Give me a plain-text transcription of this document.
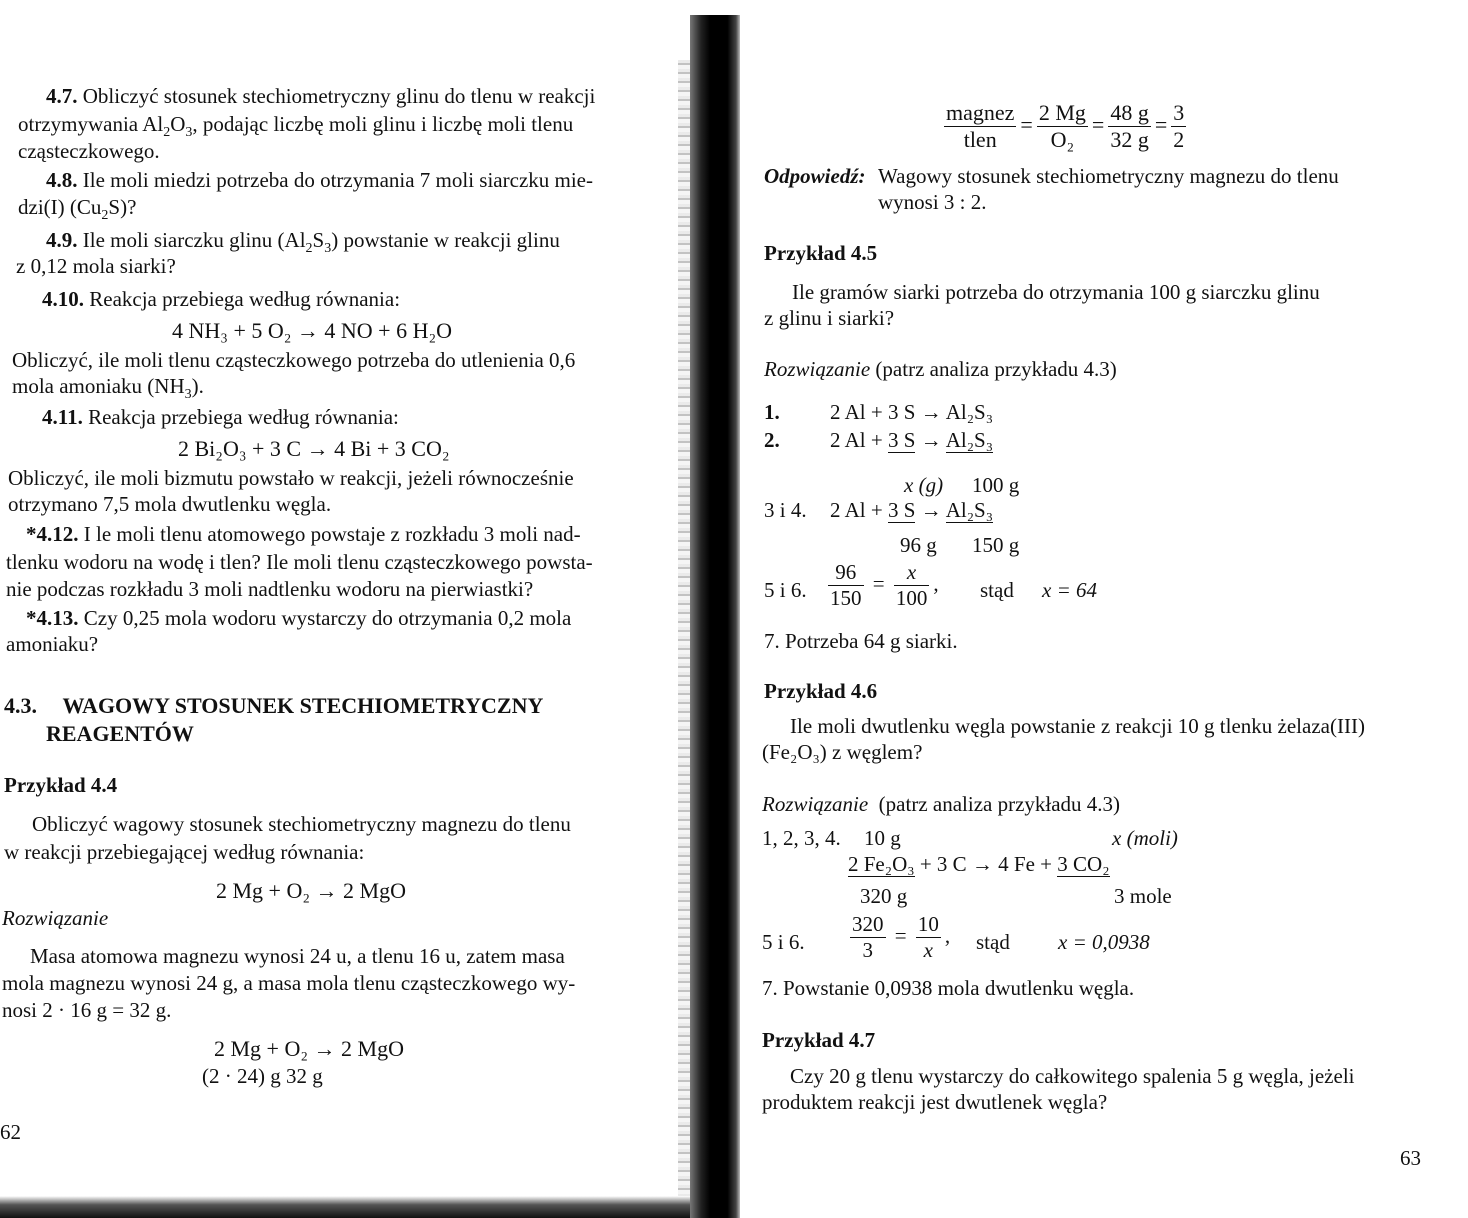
4.7. Obliczyć stosunek stechiometryczny glinu do tlenu w reakcji

otrzymywania $Al_2O_3$, podając liczbę moli glinu i liczbę moli tlenu

cząsteczkowego.

4.8. Ile moli miedzi potrzeba do otrzymania 7 moli siarczku mie-

dzi(I) $(Cu_2S)$?

4.9. Ile moli siarczku glinu $(Al_2S_3)$ powstanie w reakcji glinu

z 0,12 mola siarki?

4.10. Reakcja przebiega według równania:

4 NH₃ + 5 O₂ → 4 NO + 6 H₂O

Obliczyć, ile moli tlenu cząsteczkowego potrzeba do utlenienia 0,6

mola amoniaku $(NH_3)$.

4.11. Reakcja przebiega według równania:

2 Bi₂O₃ + 3 C → 4 Bi + 3 CO₂

Obliczyć, ile moli bizmutu powstało w reakcji, jeżeli równocześnie

otrzymano 7,5 mola dwutlenku węgla.

*4.12. I le moli tlenu atomowego powstaje z rozkładu 3 moli nad-

tlenku wodoru na wodę i tlen? Ile moli tlenu cząsteczkowego powsta-

nie podczas rozkładu 3 moli nadtlenku wodoru na pierwiastki?

*4.13. Czy 0,25 mola wodoru wystarczy do otrzymania 0,2 mola

amoniaku?

4.3. WAGOWY STOSUNEK STECHIOMETRYCZNY

REAGENTÓW

Przykład 4.4

Obliczyć wagowy stosunek stechiometryczny magnezu do tlenu

w reakcji przebiegającej według równania:

2 Mg + O₂ → 2 MgO

Rozwiązanie

Masa atomowa magnezu wynosi 24 u, a tlenu 16 u, zatem masa

mola magnezu wynosi 24 g, a masa mola tlenu cząsteczkowego wy-

nosi 2 · 16 g = 32 g.

2 Mg + O₂ → 2 MgO
(2 · 24) g 32 g

62

$\frac{\text{magnez}}{\text{tlen}} = \frac{2 Mg}{\text{O₂}} = \frac{48 g}{32 g} = \frac{3}{2}$

Odpowiedź: Wagowy stosunek stechiometryczny magnezu do tlenu

wynosi 3 : 2.

Przykład 4.5

Ile gramów siarki potrzeba do otrzymania 100 g siarczku glinu

z glinu i siarki?

Rozwiązanie (patrz analiza przykładu 4.3)

1. 2 Al + 3 S → Al₂S₃
2. 2 Al + 3 S → Al₂S₃
x (g) 100 g
3 i 4. 2 Al + 3 S → Al₂S₃
96 g 150 g
5 i 6. $\frac{96}{150} = \frac{x}{100}$ , stąd x = 64

7. Potrzeba 64 g siarki.

Przykład 4.6

Ile moli dwutlenku węgla powstanie z reakcji 10 g tlenku żelaza(III)

(Fe₂O₃) z węglem?

Rozwiązanie (patrz analiza przykładu 4.3)

1, 2, 3, 4. 10 g	x (moli)
2 Fe₂O₃ + 3 C → 4 Fe + 3 CO₂
320 g	3 mole
5 i 6. $\frac{320}{3} = \frac{10}{x}$ , stąd x = 0,0938

7. Powstanie 0,0938 mola dwutlenku węgla.

Przykład 4.7

Czy 20 g tlenu wystarczy do całkowitego spalenia 5 g węgla, jeżeli

produktem reakcji jest dwutlenek węgla?

63
